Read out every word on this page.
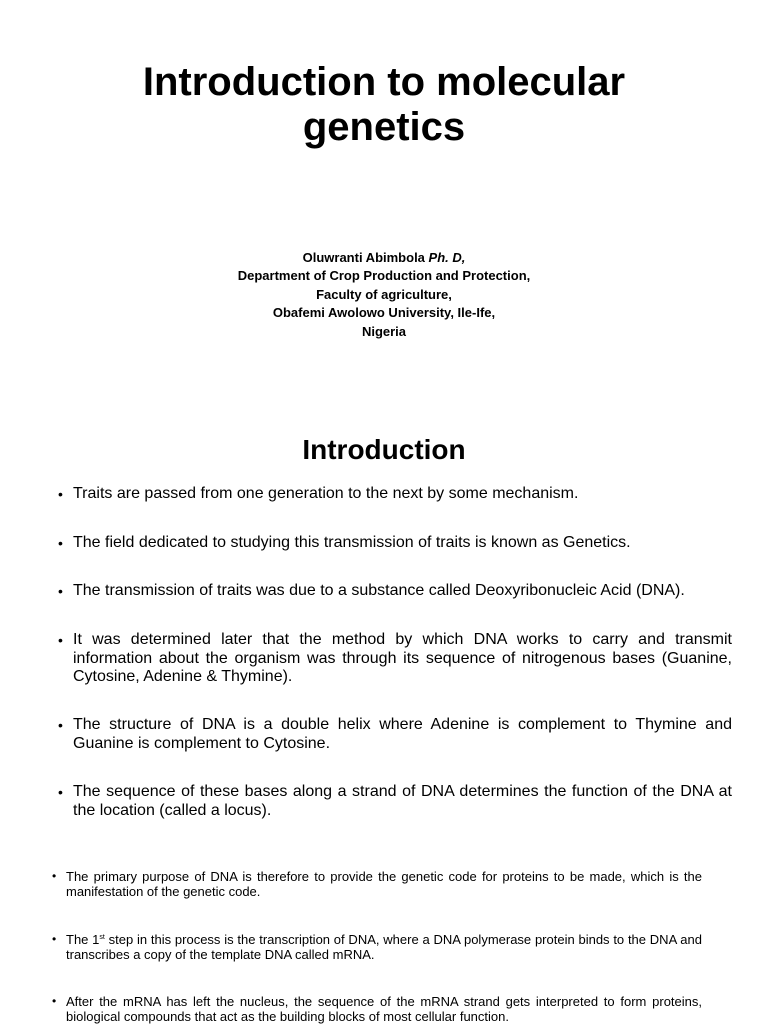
Introduction to molecular genetics
Oluwranti Abimbola Ph. D,
Department of Crop Production and Protection,
Faculty of agriculture,
Obafemi Awolowo University, Ile-Ife,
Nigeria
Introduction
• Traits are passed from one generation to the next by some mechanism.
• The field dedicated to studying this transmission of traits is known as Genetics.
• The transmission of traits was due to a substance called Deoxyribonucleic Acid (DNA).
• It was determined later that the method by which DNA works to carry and transmit information about the organism was through its sequence of nitrogenous bases (Guanine, Cytosine, Adenine & Thymine).
• The structure of DNA is a double helix where Adenine is complement to Thymine and Guanine is complement to Cytosine.
• The sequence of these bases along a strand of DNA determines the function of the DNA at the location (called a locus).
• The primary purpose of DNA is therefore to provide the genetic code for proteins to be made, which is the manifestation of the genetic code.
• The 1st step in this process is the transcription of DNA, where a DNA polymerase protein binds to the DNA and transcribes a copy of the template DNA called mRNA.
• After the mRNA has left the nucleus, the sequence of the mRNA strand gets interpreted to form proteins, biological compounds that act as the building blocks of most cellular function.
